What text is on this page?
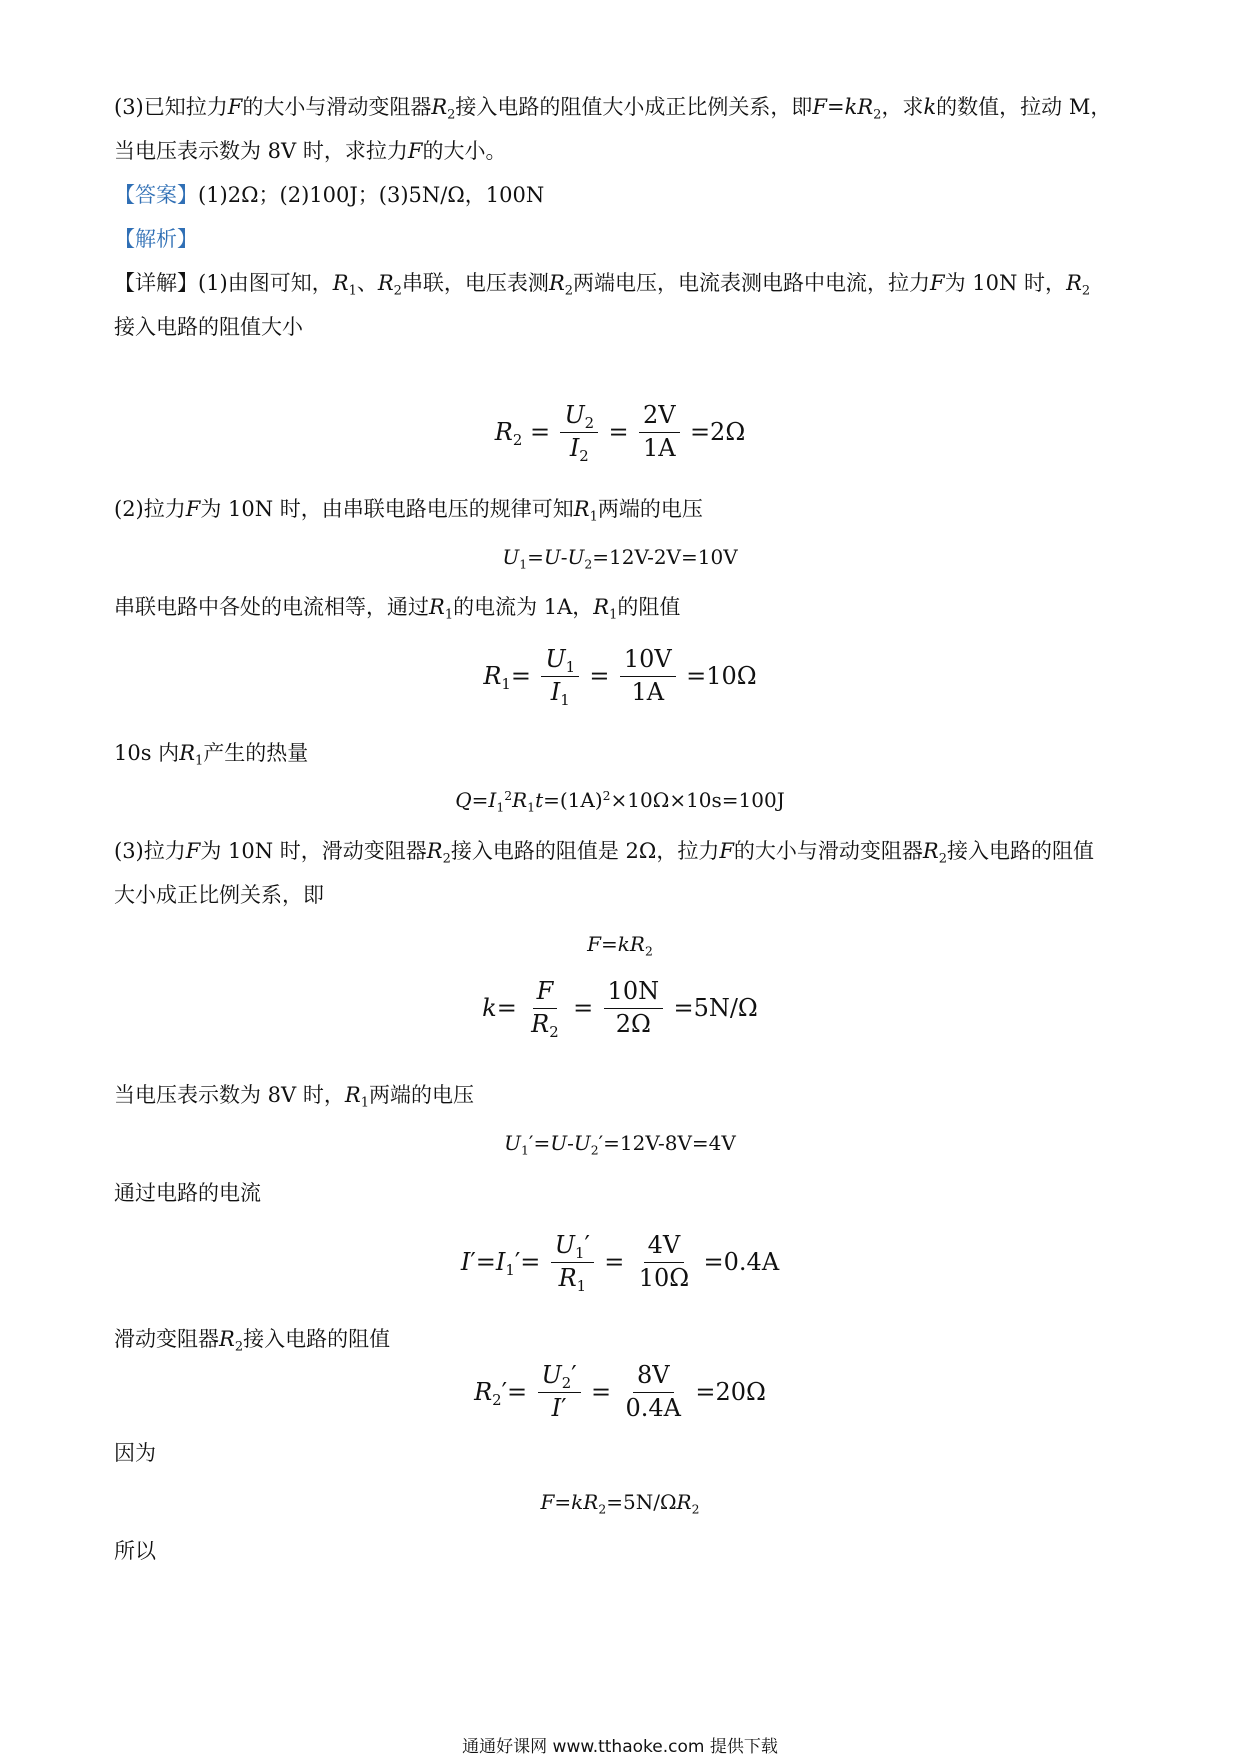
(3)已知拉力F的大小与滑动变阻器$R_2$接入电路的阻值大小成正比例关系，即$F=kR_2$，求k的数值，拉动 M，
当电压表示数为 8V 时，求拉力F的大小。
【答案】(1)2Ω；(2)100J；(3)5N/Ω，100N
【解析】
【详解】(1)由图可知，$R_1$、$R_2$串联，电压表测$R_2$两端电压，电流表测电路中电流，拉力F为 10N 时，$R_2$
接入电路的阻值大小
$R_2 = \frac{U_2}{I_2} = \frac{2V}{1A} =2\Omega$
(2)拉力F为 10N 时，由串联电路电压的规律可知$R_1$两端的电压
$U_1=U-U_2=12V-2V=10V$
串联电路中各处的电流相等，通过$R_1$的电流为 1A，$R_1$的阻值
$R_1= \frac{U_1}{I_1} = \frac{10V}{1A} =10\Omega$
10s 内$R_1$产生的热量
$Q=I_1^2R_1t=(1A)^2\times 10\Omega\times 10s=100J$
(3)拉力F为 10N 时，滑动变阻器$R_2$接入电路的阻值是 2Ω，拉力F的大小与滑动变阻器$R_2$接入电路的阻值
大小成正比例关系，即
$F=kR_2$
$k= \frac{F}{R_2} = \frac{10N}{2\Omega} =5N/\Omega$
当电压表示数为 8V 时，$R_1$两端的电压
$U_1'=U-U_2'=12V-8V=4V$
通过电路的电流
$I'=I_1'= \frac{U_1'}{R_1} = \frac{4V}{10\Omega} =0.4A$
滑动变阻器$R_2$接入电路的阻值
$R_2'= \frac{U_2'}{I'} = \frac{8V}{0.4A} =20\Omega$
因为
$F=kR_2=5N/\Omega R_2$
所以
通通好课网 www.tthaoke.com 提供下载
